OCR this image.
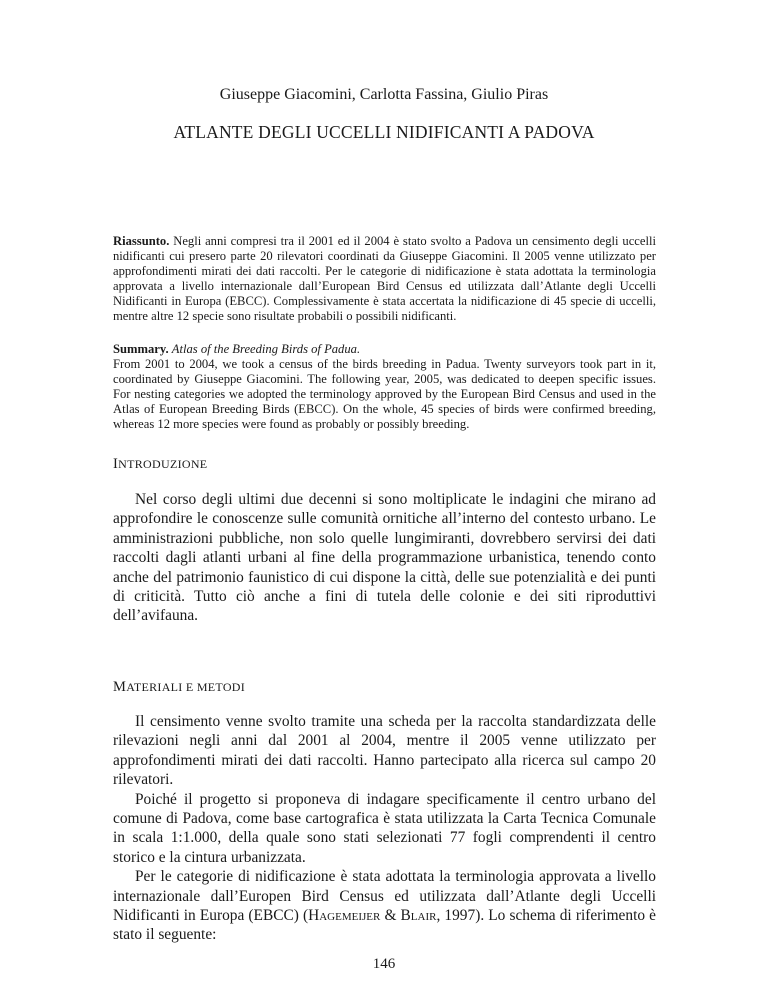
Giuseppe Giacomini, Carlotta Fassina, Giulio Piras
ATLANTE DEGLI UCCELLI NIDIFICANTI A PADOVA
Riassunto. Negli anni compresi tra il 2001 ed il 2004 è stato svolto a Padova un censimento degli uccelli nidificanti cui presero parte 20 rilevatori coordinati da Giuseppe Giacomini. Il 2005 venne utilizzato per approfondimenti mirati dei dati raccolti. Per le categorie di nidificazione è stata adottata la terminologia approvata a livello internazionale dall’European Bird Census ed utilizzata dall’Atlante degli Uccelli Nidificanti in Europa (EBCC). Complessivamente è stata accertata la nidificazione di 45 specie di uccelli, mentre altre 12 specie sono risultate probabili o possibili nidificanti.
Summary. Atlas of the Breeding Birds of Padua.
From 2001 to 2004, we took a census of the birds breeding in Padua. Twenty surveyors took part in it, coordinated by Giuseppe Giacomini. The following year, 2005, was dedicated to deepen specific issues. For nesting categories we adopted the terminology approved by the European Bird Census and used in the Atlas of European Breeding Birds (EBCC). On the whole, 45 species of birds were confirmed breeding, whereas 12 more species were found as probably or possibly breeding.
INTRODUZIONE

Nel corso degli ultimi due decenni si sono moltiplicate le indagini che mirano ad approfondire le conoscenze sulle comunità ornitiche all’interno del contesto urbano. Le amministrazioni pubbliche, non solo quelle lungimiranti, dovrebbero servirsi dei dati raccolti dagli atlanti urbani al fine della programmazione urbanistica, tenendo conto anche del patrimonio faunistico di cui dispone la città, delle sue potenzialità e dei punti di criticità. Tutto ciò anche a fini di tutela delle colonie e dei siti riproduttivi dell’avifauna.

MATERIALI E METODI

Il censimento venne svolto tramite una scheda per la raccolta standardizzata delle rilevazioni negli anni dal 2001 al 2004, mentre il 2005 venne utilizzato per approfondimenti mirati dei dati raccolti. Hanno partecipato alla ricerca sul campo 20 rilevatori.

Poiché il progetto si proponeva di indagare specificamente il centro urbano del comune di Padova, come base cartografica è stata utilizzata la Carta Tecnica Comunale in scala 1:1.000, della quale sono stati selezionati 77 fogli comprendenti il centro storico e la cintura urbanizzata.

Per le categorie di nidificazione è stata adottata la terminologia approvata a livello internazionale dall’Europen Bird Census ed utilizzata dall’Atlante degli Uccelli Nidificanti in Europa (EBCC) (Hagemeijer & Blair, 1997). Lo schema di riferimento è stato il seguente:

146
